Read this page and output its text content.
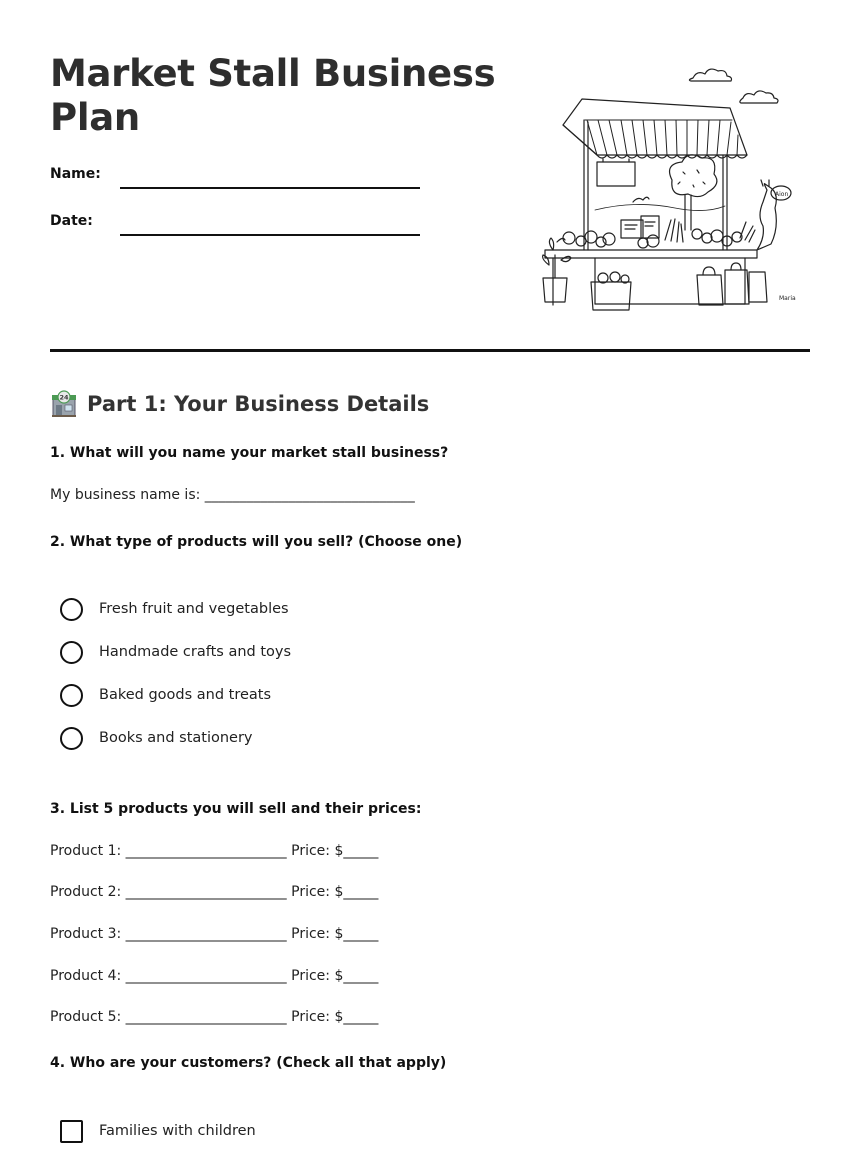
Market Stall Business
Plan
Name:
Date:
Aion
Maria
24 Part 1: Your Business Details

1. What will you name your market stall business?

My business name is: ______________________________

2. What type of products will you sell? (Choose one)

Fresh fruit and vegetables
Handmade crafts and toys
Baked goods and treats
Books and stationery

3. List 5 products you will sell and their prices:

Product 1: _______________________ Price: $_____
Product 2: _______________________ Price: $_____
Product 3: _______________________ Price: $_____
Product 4: _______________________ Price: $_____
Product 5: _______________________ Price: $_____

4. Who are your customers? (Check all that apply)

Families with children
